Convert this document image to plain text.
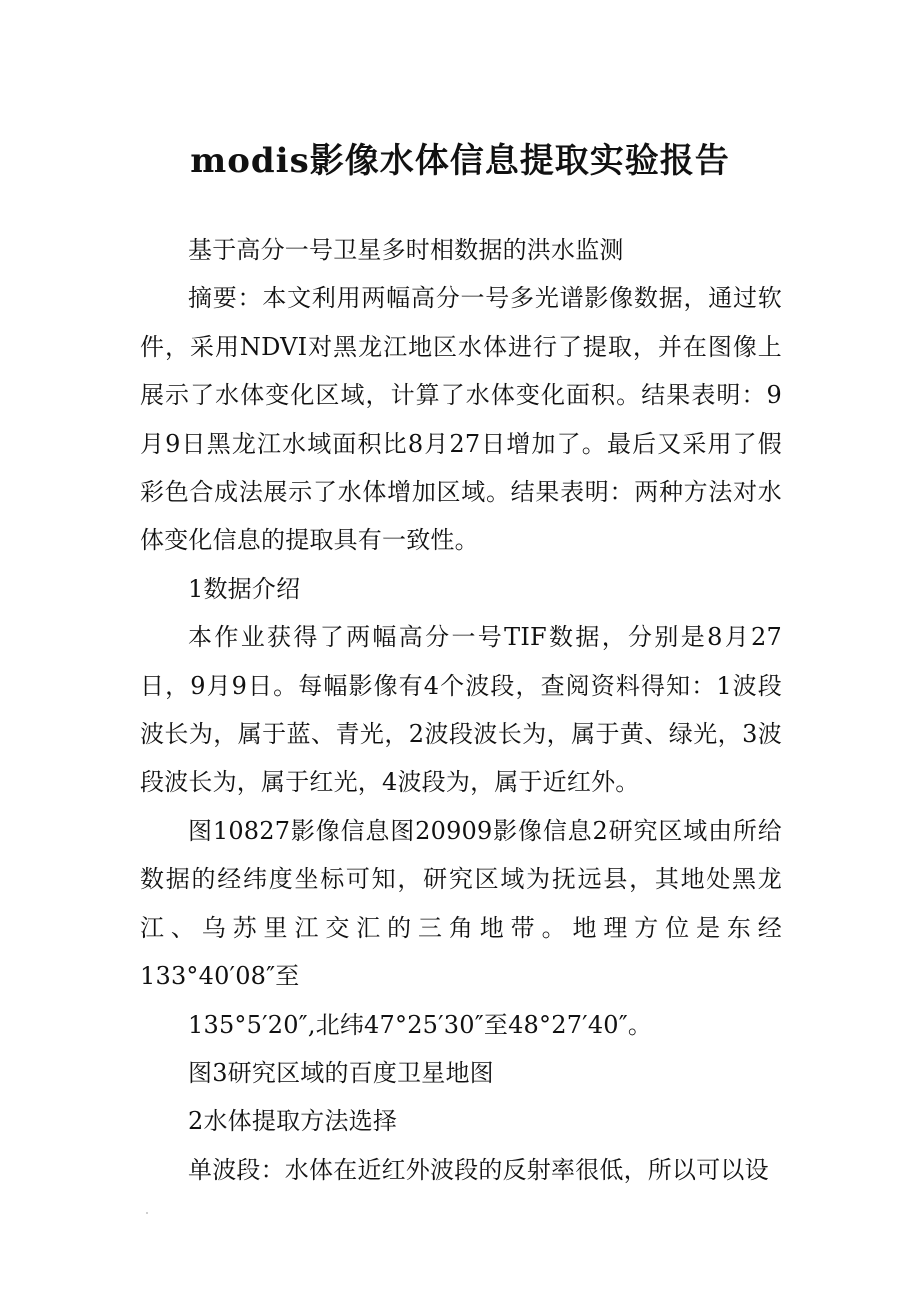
modis影像水体信息提取实验报告

基于高分一号卫星多时相数据的洪水监测

摘要：本文利用两幅高分一号多光谱影像数据，通过软件，采用NDVI对黑龙江地区水体进行了提取，并在图像上展示了水体变化区域，计算了水体变化面积。结果表明：9月9日黑龙江水域面积比8月27日增加了。最后又采用了假彩色合成法展示了水体增加区域。结果表明：两种方法对水体变化信息的提取具有一致性。

1数据介绍

本作业获得了两幅高分一号TIF数据，分别是8月27日，9月9日。每幅影像有4个波段，查阅资料得知：1波段波长为，属于蓝、青光，2波段波长为，属于黄、绿光，3波段波长为，属于红光，4波段为，属于近红外。

图10827影像信息图20909影像信息2研究区域由所给数据的经纬度坐标可知，研究区域为抚远县，其地处黑龙江、乌苏里江交汇的三角地带。地理方位是东经133°40′08″至

135°5′20″,北纬47°25′30″至48°27′40″。

图3研究区域的百度卫星地图

2水体提取方法选择

单波段：水体在近红外波段的反射率很低，所以可以设
